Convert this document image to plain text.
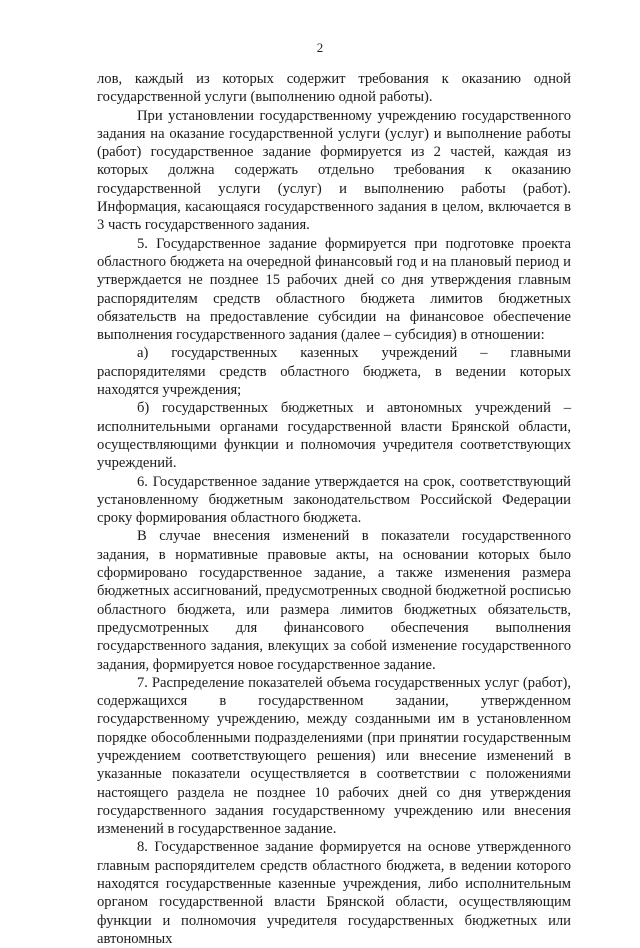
2

лов, каждый из которых содержит требования к оказанию одной государственной услуги (выполнению одной работы).

При установлении государственному учреждению государственного задания на оказание государственной услуги (услуг) и выполнение работы (работ) государственное задание формируется из 2 частей, каждая из которых должна содержать отдельно требования к оказанию государственной услуги (услуг) и выполнению работы (работ). Информация, касающаяся государственного задания в целом, включается в 3 часть государственного задания.

5. Государственное задание формируется при подготовке проекта областного бюджета на очередной финансовый год и на плановый период и утверждается не позднее 15 рабочих дней со дня утверждения главным распорядителям средств областного бюджета лимитов бюджетных обязательств на предоставление субсидии на финансовое обеспечение выполнения государственного задания (далее – субсидия) в отношении:

а) государственных казенных учреждений – главными распорядителями средств областного бюджета, в ведении которых находятся учреждения;

б) государственных бюджетных и автономных учреждений – исполнительными органами государственной власти Брянской области, осуществляющими функции и полномочия учредителя соответствующих учреждений.

6. Государственное задание утверждается на срок, соответствующий установленному бюджетным законодательством Российской Федерации сроку формирования областного бюджета.

В случае внесения изменений в показатели государственного задания, в нормативные правовые акты, на основании которых было сформировано государственное задание, а также изменения размера бюджетных ассигнований, предусмотренных сводной бюджетной росписью областного бюджета, или размера лимитов бюджетных обязательств, предусмотренных для финансового обеспечения выполнения государственного задания, влекущих за собой изменение государственного задания, формируется новое государственное задание.

7. Распределение показателей объема государственных услуг (работ), содержащихся в государственном задании, утвержденном государственному учреждению, между созданными им в установленном порядке обособленными подразделениями (при принятии государственным учреждением соответствующего решения) или внесение изменений в указанные показатели осуществляется в соответствии с положениями настоящего раздела не позднее 10 рабочих дней со дня утверждения государственного задания государственному учреждению или внесения изменений в государственное задание.

8. Государственное задание формируется на основе утвержденного главным распорядителем средств областного бюджета, в ведении которого находятся государственные казенные учреждения, либо исполнительным органом государственной власти Брянской области, осуществляющим функции и полномочия учредителя государственных бюджетных или автономных
